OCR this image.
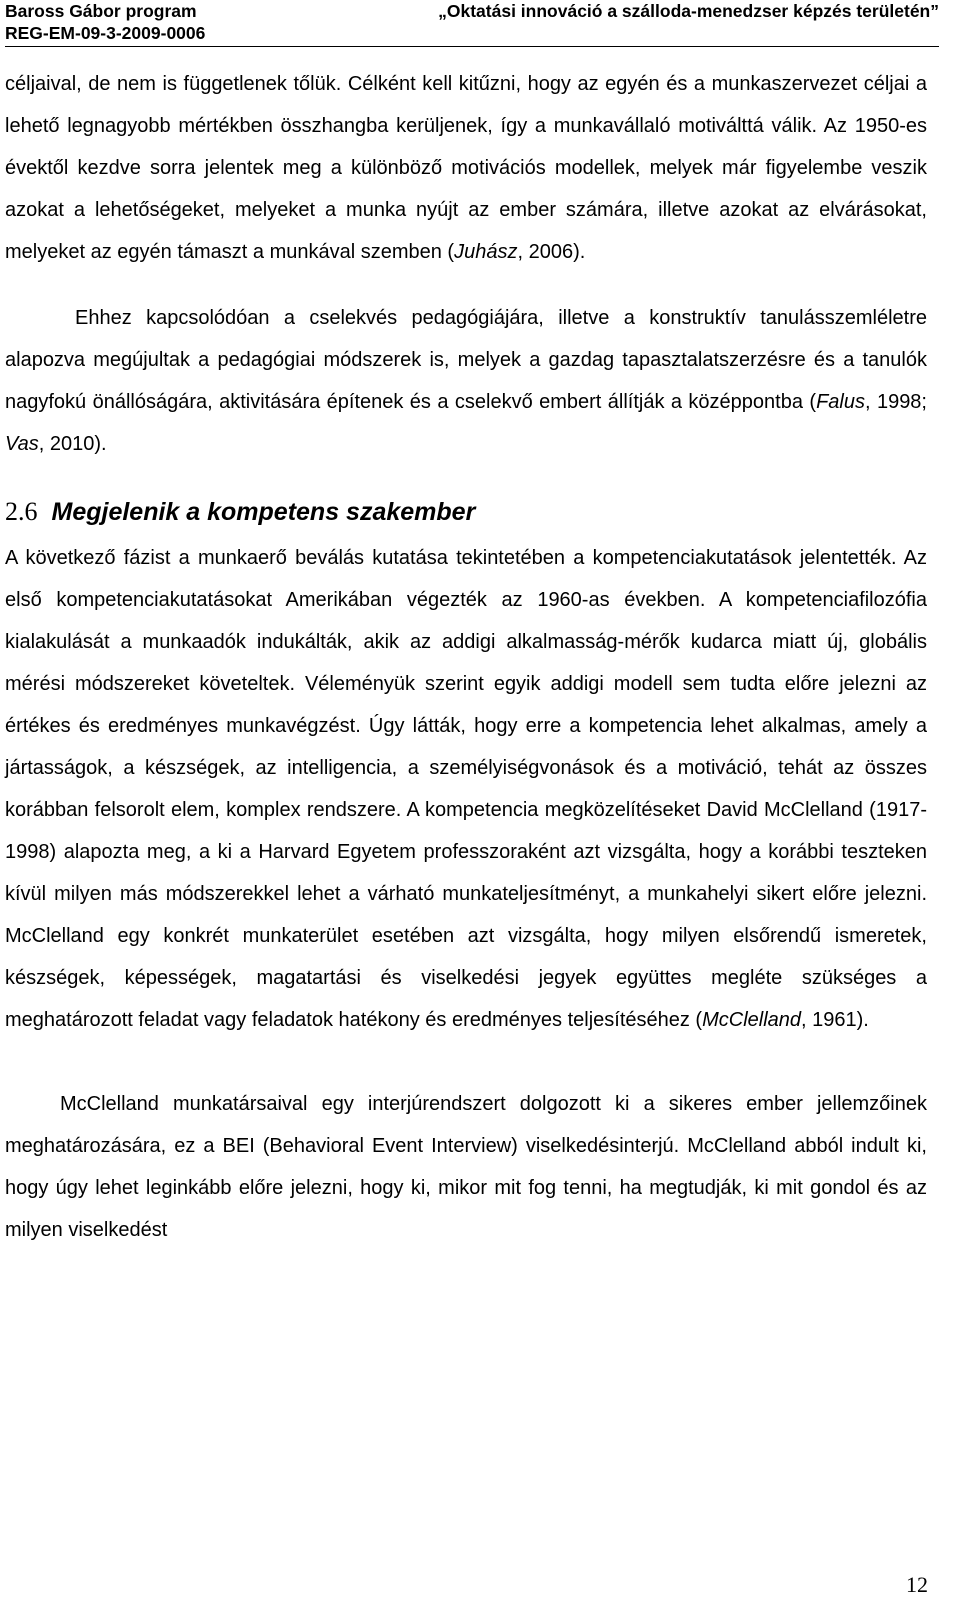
Baross Gábor program
REG-EM-09-3-2009-0006
„Oktatási innováció a szálloda-menedzser képzés területén”

céljaival, de nem is függetlenek tőlük. Célként kell kitűzni, hogy az egyén és a munkaszervezet céljai a lehető legnagyobb mértékben összhangba kerüljenek, így a munkavállaló motiválttá válik. Az 1950-es évektől kezdve sorra jelentek meg a különböző motivációs modellek, melyek már figyelembe veszik azokat a lehetőségeket, melyeket a munka nyújt az ember számára, illetve azokat az elvárásokat, melyeket az egyén támaszt a munkával szemben (Juhász, 2006).

Ehhez kapcsolódóan a cselekvés pedagógiájára, illetve a konstruktív tanulásszemléletre alapozva megújultak a pedagógiai módszerek is, melyek a gazdag tapasztalatszerzésre és a tanulók nagyfokú önállóságára, aktivitására építenek és a cselekvő embert állítják a középpontba (Falus, 1998; Vas, 2010).

2.6 Megjelenik a kompetens szakember

A következő fázist a munkaerő beválás kutatása tekintetében a kompetenciakutatások jelentették. Az első kompetenciakutatásokat Amerikában végezték az 1960-as években. A kompetenciafilozófia kialakulását a munkaadók indukálták, akik az addigi alkalmasság-mérők kudarca miatt új, globális mérési módszereket követeltek. Véleményük szerint egyik addigi modell sem tudta előre jelezni az értékes és eredményes munkavégzést. Úgy látták, hogy erre a kompetencia lehet alkalmas, amely a jártasságok, a készségek, az intelligencia, a személyiségvonások és a motiváció, tehát az összes korábban felsorolt elem, komplex rendszere. A kompetencia megközelítéseket David McClelland (1917-1998) alapozta meg, a ki a Harvard Egyetem professzoraként azt vizsgálta, hogy a korábbi teszteken kívül milyen más módszerekkel lehet a várható munkateljesítményt, a munkahelyi sikert előre jelezni. McClelland egy konkrét munkaterület esetében azt vizsgálta, hogy milyen elsőrendű ismeretek, készségek, képességek, magatartási és viselkedési jegyek együttes megléte szükséges a meghatározott feladat vagy feladatok hatékony és eredményes teljesítéséhez (McClelland, 1961).

McClelland munkatársaival egy interjúrendszert dolgozott ki a sikeres ember jellemzőinek meghatározására, ez a BEI (Behavioral Event Interview) viselkedésinterjú. McClelland abból indult ki, hogy úgy lehet leginkább előre jelezni, hogy ki, mikor mit fog tenni, ha megtudják, ki mit gondol és az milyen viselkedést

12
